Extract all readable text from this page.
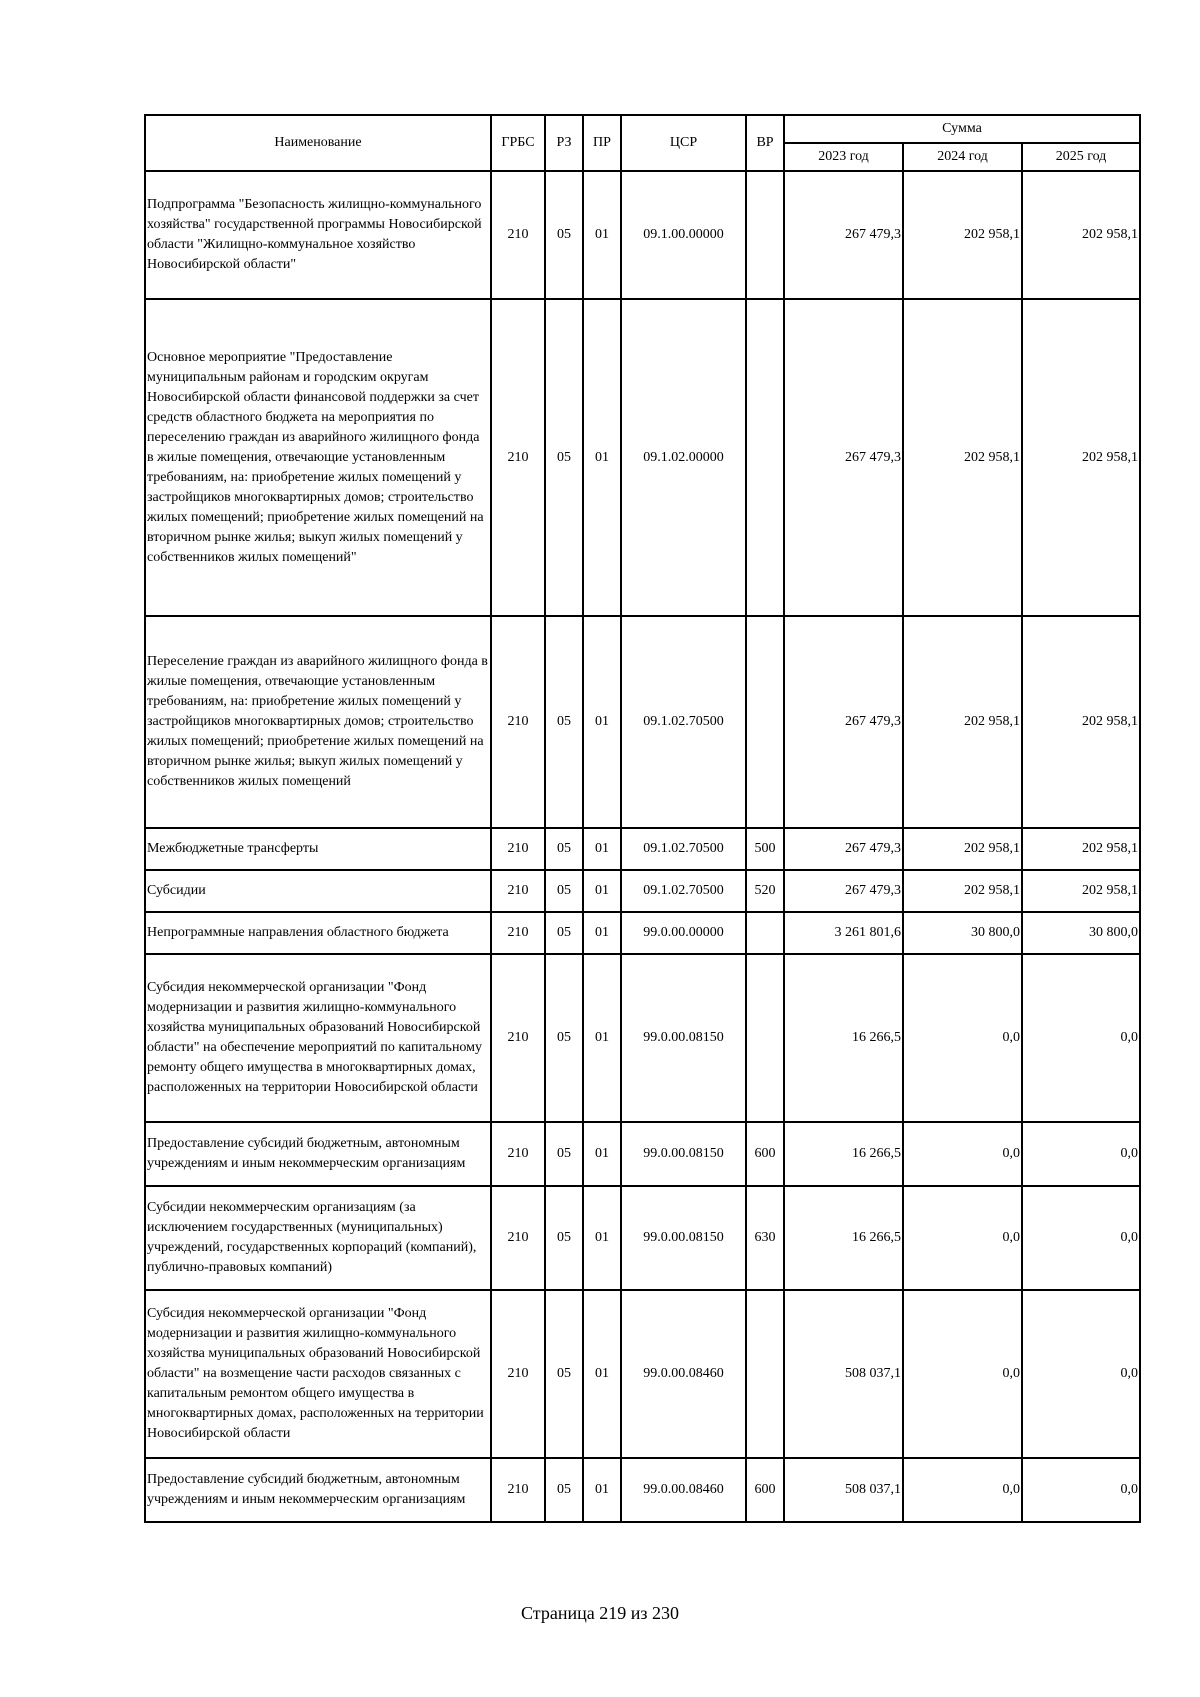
Наименование	ГРБС	РЗ	ПР	ЦСР	ВР	Сумма		
						2023 год	2024 год	2025 год
Подпрограмма "Безопасность жилищно-коммунального хозяйства" государственной программы Новосибирской области "Жилищно-коммунальное хозяйство Новосибирской области"	210	05	01	09.1.00.00000		267 479,3	202 958,1	202 958,1
Основное мероприятие "Предоставление муниципальным районам и городским округам Новосибирской области финансовой поддержки за счет средств областного бюджета на мероприятия по переселению граждан из аварийного жилищного фонда в жилые помещения, отвечающие установленным требованиям, на: приобретение жилых помещений у застройщиков многоквартирных домов; строительство жилых помещений; приобретение жилых помещений на вторичном рынке жилья; выкуп жилых помещений у собственников жилых помещений"	210	05	01	09.1.02.00000		267 479,3	202 958,1	202 958,1
Переселение граждан из аварийного жилищного фонда в жилые помещения, отвечающие установленным требованиям, на: приобретение жилых помещений у застройщиков многоквартирных домов; строительство жилых помещений; приобретение жилых помещений на вторичном рынке жилья; выкуп жилых помещений у собственников жилых помещений	210	05	01	09.1.02.70500		267 479,3	202 958,1	202 958,1
Межбюджетные трансферты	210	05	01	09.1.02.70500	500	267 479,3	202 958,1	202 958,1
Субсидии	210	05	01	09.1.02.70500	520	267 479,3	202 958,1	202 958,1
Непрограммные направления областного бюджета	210	05	01	99.0.00.00000		3 261 801,6	30 800,0	30 800,0
Субсидия некоммерческой организации "Фонд модернизации и развития жилищно-коммунального хозяйства муниципальных образований Новосибирской области" на обеспечение мероприятий по капитальному ремонту общего имущества в многоквартирных домах, расположенных на территории Новосибирской области	210	05	01	99.0.00.08150		16 266,5	0,0	0,0
Предоставление субсидий бюджетным, автономным учреждениям и иным некоммерческим организациям	210	05	01	99.0.00.08150	600	16 266,5	0,0	0,0
Субсидии некоммерческим организациям (за исключением государственных (муниципальных) учреждений, государственных корпораций (компаний), публично-правовых компаний)	210	05	01	99.0.00.08150	630	16 266,5	0,0	0,0
Субсидия некоммерческой организации "Фонд модернизации и развития жилищно-коммунального хозяйства муниципальных образований Новосибирской области" на возмещение части расходов связанных с капитальным ремонтом общего имущества в многоквартирных домах, расположенных на территории Новосибирской области	210	05	01	99.0.00.08460		508 037,1	0,0	0,0
Предоставление субсидий бюджетным, автономным учреждениям и иным некоммерческим организациям	210	05	01	99.0.00.08460	600	508 037,1	0,0	0,0
Страница 219 из 230
